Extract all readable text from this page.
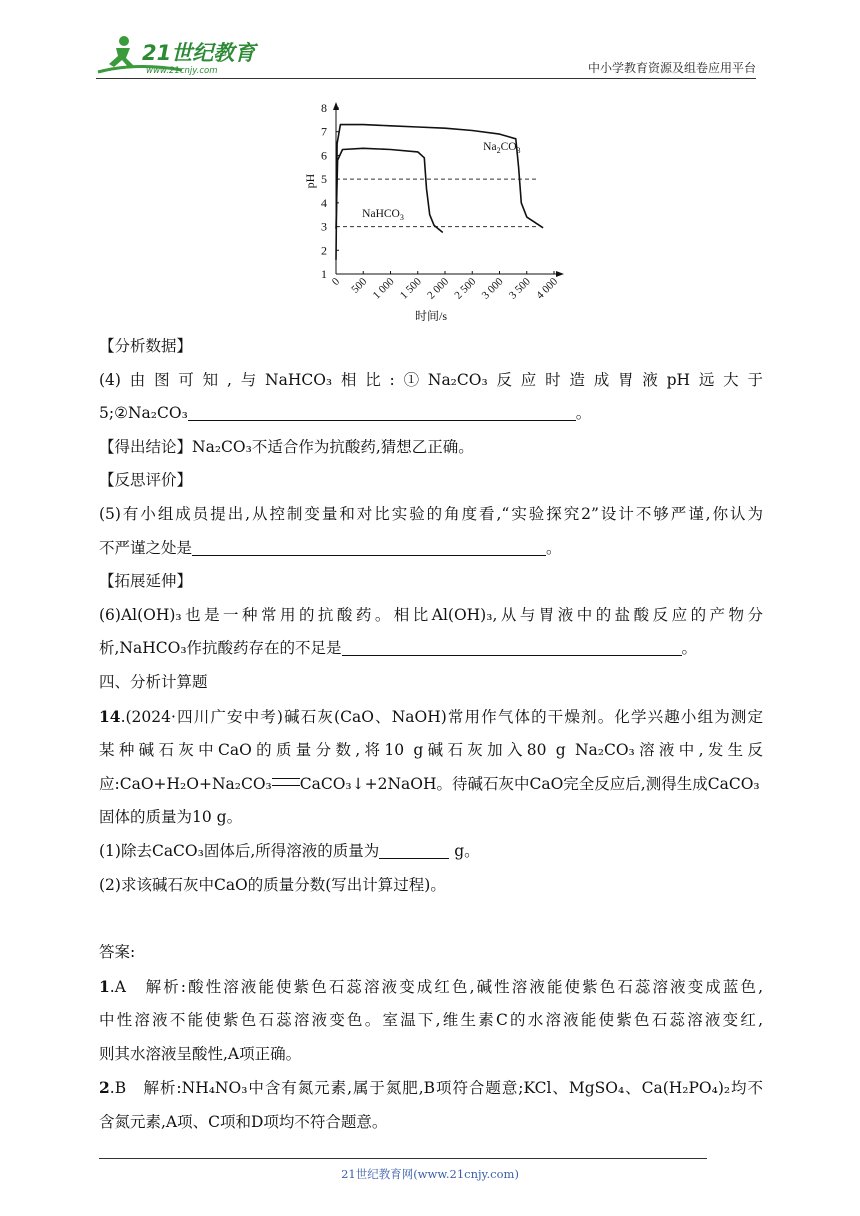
21世纪教育
www.21cnjy.com	中小学教育资源及组卷应用平台
1
2
3
4
5
6
7
8
0 500 1 000 1 500 2 000 2 500 3 000 3 500 4 000
pH
时间/s
$Na_2CO_3$
NaHCO$_3$

【分析数据】

(4)由图可知,与NaHCO₃相比:①Na₂CO₃反应时造成胃液pH远大于

5;②Na₂CO₃	。

【得出结论】Na₂CO₃不适合作为抗酸药,猜想乙正确。

【反思评价】

(5)有小组成员提出,从控制变量和对比实验的角度看,“实验探究2”设计不够严谨,你认为

不严谨之处是	。

【拓展延伸】

(6)Al(OH)₃也是一种常用的抗酸药。相比Al(OH)₃,从与胃液中的盐酸反应的产物分

析,NaHCO₃作抗酸药存在的不足是	。

四、分析计算题

14.(2024·四川广安中考)碱石灰(CaO、NaOH)常用作气体的干燥剂。化学兴趣小组为测定

某种碱石灰中CaO的质量分数,将10 g碱石灰加入80 g Na₂CO₃溶液中,发生反

应:CaO+H₂O+Na₂CO₃ CaCO₃↓+2NaOH。待碱石灰中CaO完全反应后,测得生成CaCO₃

固体的质量为10 g。

(1)除去CaCO₃固体后,所得溶液的质量为	g。

(2)求该碱石灰中CaO的质量分数(写出计算过程)。

答案:

1.A　解析:酸性溶液能使紫色石蕊溶液变成红色,碱性溶液能使紫色石蕊溶液变成蓝色,

中性溶液不能使紫色石蕊溶液变色。室温下,维生素C的水溶液能使紫色石蕊溶液变红,

则其水溶液呈酸性,A项正确。

2.B　解析:NH₄NO₃中含有氮元素,属于氮肥,B项符合题意;KCl、MgSO₄、Ca(H₂PO₄)₂均不

含氮元素,A项、C项和D项均不符合题意。

21世纪教育网(www.21cnjy.com)
